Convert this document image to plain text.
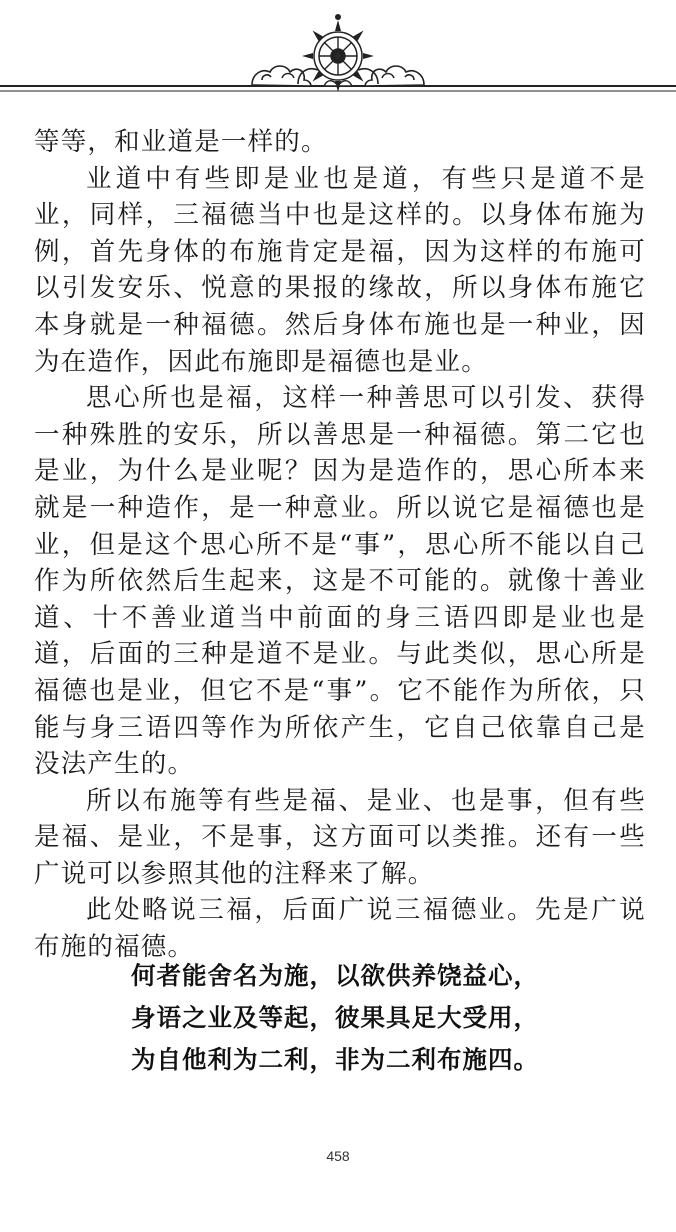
等等，和业道是一样的。

业道中有些即是业也是道，有些只是道不是业，同样，三福德当中也是这样的。以身体布施为例，首先身体的布施肯定是福，因为这样的布施可以引发安乐、悦意的果报的缘故，所以身体布施它本身就是一种福德。然后身体布施也是一种业，因为在造作，因此布施即是福德也是业。

思心所也是福，这样一种善思可以引发、获得一种殊胜的安乐，所以善思是一种福德。第二它也是业，为什么是业呢？因为是造作的，思心所本来就是一种造作，是一种意业。所以说它是福德也是业，但是这个思心所不是“事”，思心所不能以自己作为所依然后生起来，这是不可能的。就像十善业道、十不善业道当中前面的身三语四即是业也是道，后面的三种是道不是业。与此类似，思心所是福德也是业，但它不是“事”。它不能作为所依，只能与身三语四等作为所依产生，它自己依靠自己是没法产生的。

所以布施等有些是福、是业、也是事，但有些是福、是业，不是事，这方面可以类推。还有一些广说可以参照其他的注释来了解。

此处略说三福，后面广说三福德业。先是广说布施的福德。

何者能舍名为施，以欲供养饶益心，
身语之业及等起，彼果具足大受用，
为自他利为二利，非为二利布施四。
458
